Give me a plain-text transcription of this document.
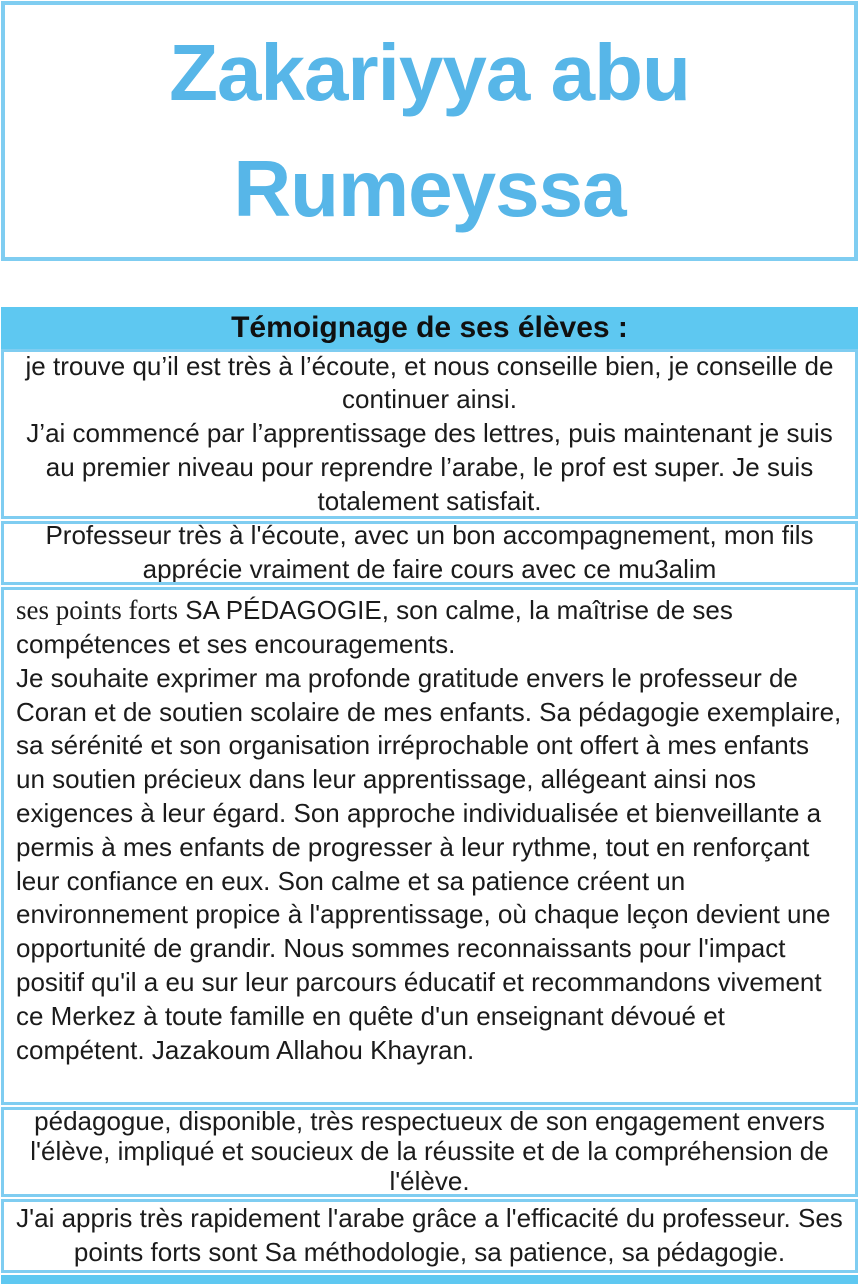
Zakariyya abu Rumeyssa
Témoignage de ses élèves :

je trouve qu’il est très à l’écoute, et nous conseille bien, je conseille de continuer ainsi.

J’ai commencé par l’apprentissage des lettres, puis maintenant je suis au premier niveau pour reprendre l’arabe, le prof est super. Je suis totalement satisfait.

Professeur très à l'écoute, avec un bon accompagnement, mon fils apprécie vraiment de faire cours avec ce mu3alim

ses points forts SA PÉDAGOGIE, son calme, la maîtrise de ses compétences et ses encouragements.

Je souhaite exprimer ma profonde gratitude envers le professeur de Coran et de soutien scolaire de mes enfants. Sa pédagogie exemplaire, sa sérénité et son organisation irréprochable ont offert à mes enfants un soutien précieux dans leur apprentissage, allégeant ainsi nos exigences à leur égard. Son approche individualisée et bienveillante a permis à mes enfants de progresser à leur rythme, tout en renforçant leur confiance en eux. Son calme et sa patience créent un environnement propice à l'apprentissage, où chaque leçon devient une opportunité de grandir. Nous sommes reconnaissants pour l'impact positif qu'il a eu sur leur parcours éducatif et recommandons vivement ce Merkez à toute famille en quête d'un enseignant dévoué et compétent. Jazakoum Allahou Khayran.

pédagogue, disponible, très respectueux de son engagement envers l'élève, impliqué et soucieux de la réussite et de la compréhension de l'élève.

J'ai appris très rapidement l'arabe grâce a l'efficacité du professeur. Ses points forts sont Sa méthodologie, sa patience, sa pédagogie.
